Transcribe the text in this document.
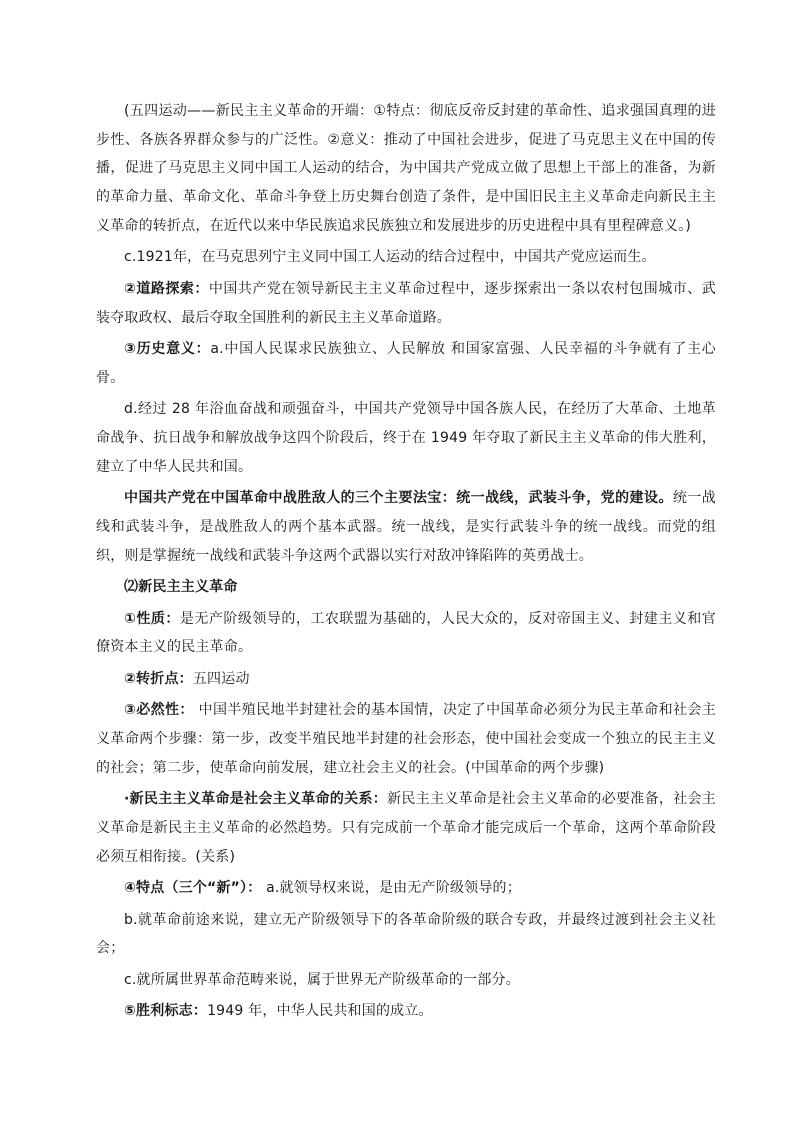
(五四运动——新民主主义革命的开端：①特点：彻底反帝反封建的革命性、追求强国真理的进步性、各族各界群众参与的广泛性。②意义：推动了中国社会进步，促进了马克思主义在中国的传播，促进了马克思主义同中国工人运动的结合，为中国共产党成立做了思想上干部上的准备，为新的革命力量、革命文化、革命斗争登上历史舞台创造了条件，是中国旧民主主义革命走向新民主主义革命的转折点，在近代以来中华民族追求民族独立和发展进步的历史进程中具有里程碑意义。)

c.1921年，在马克思列宁主义同中国工人运动的结合过程中，中国共产党应运而生。

②道路探索：中国共产党在领导新民主主义革命过程中，逐步探索出一条以农村包围城市、武装夺取政权、最后夺取全国胜利的新民主主义革命道路。

③历史意义：a.中国人民谋求民族独立、人民解放 和国家富强、人民幸福的斗争就有了主心骨。

d.经过 28 年浴血奋战和顽强奋斗，中国共产党领导中国各族人民，在经历了大革命、土地革命战争、抗日战争和解放战争这四个阶段后，终于在 1949 年夺取了新民主主义革命的伟大胜利，建立了中华人民共和国。

中国共产党在中国革命中战胜敌人的三个主要法宝：统一战线，武装斗争，党的建设。统一战线和武装斗争，是战胜敌人的两个基本武器。统一战线，是实行武装斗争的统一战线。而党的组织，则是掌握统一战线和武装斗争这两个武器以实行对敌冲锋陷阵的英勇战士。

⑵新民主主义革命

①性质：是无产阶级领导的，工农联盟为基础的，人民大众的，反对帝国主义、封建主义和官僚资本主义的民主革命。

②转折点：五四运动

③必然性： 中国半殖民地半封建社会的基本国情，决定了中国革命必须分为民主革命和社会主义革命两个步骤：第一步，改变半殖民地半封建的社会形态，使中国社会变成一个独立的民主主义的社会；第二步，使革命向前发展，建立社会主义的社会。(中国革命的两个步骤)

·新民主主义革命是社会主义革命的关系：新民主主义革命是社会主义革命的必要准备，社会主义革命是新民主主义革命的必然趋势。只有完成前一个革命才能完成后一个革命，这两个革命阶段必须互相衔接。(关系)

④特点（三个“新”）： a.就领导权来说，是由无产阶级领导的；

b.就革命前途来说，建立无产阶级领导下的各革命阶级的联合专政，并最终过渡到社会主义社会；

c.就所属世界革命范畴来说，属于世界无产阶级革命的一部分。

⑤胜利标志：1949 年，中华人民共和国的成立。
